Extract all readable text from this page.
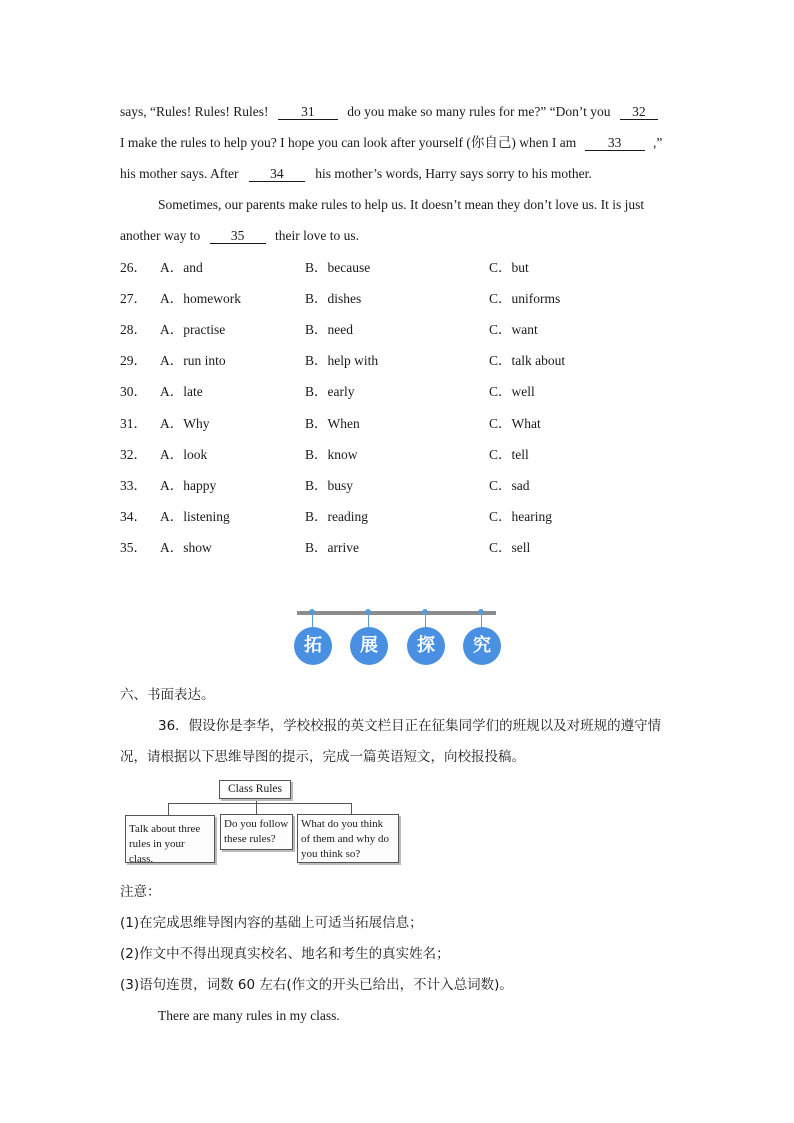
says, “Rules! Rules! Rules! 31 do you make so many rules for me?” “Don’t you 32
I make the rules to help you? I hope you can look after yourself (你自己) when I am 33 ,”
his mother says. After 34 his mother’s words, Harry says sorry to his mother.
Sometimes, our parents make rules to help us. It doesn’t mean they don’t love us. It is just
another way to 35 their love to us.
26． A．and	B．because	C．but
27． A．homework	B．dishes	C．uniforms
28． A．practise	B．need	C．want
29． A．run into	B．help with	C．talk about
30． A．late	B．early	C．well
31． A．Why	B．When	C．What
32． A．look	B．know	C．tell
33． A．happy	B．busy	C．sad
34． A．listening	B．reading	C．hearing
35． A．show	B．arrive	C．sell
拓	展	探	究
六、书面表达。
36．假设你是李华，学校校报的英文栏目正在征集同学们的班规以及对班规的遵守情
况，请根据以下思维导图的提示，完成一篇英语短文，向校报投稿。
Class Rules
Talk about three rules in your class.
Do you follow these rules?
What do you think of them and why do you think so?
注意：
(1)在完成思维导图内容的基础上可适当拓展信息；
(2)作文中不得出现真实校名、地名和考生的真实姓名；
(3)语句连贯，词数 60 左右(作文的开头已给出，不计入总词数)。
There are many rules in my class.
